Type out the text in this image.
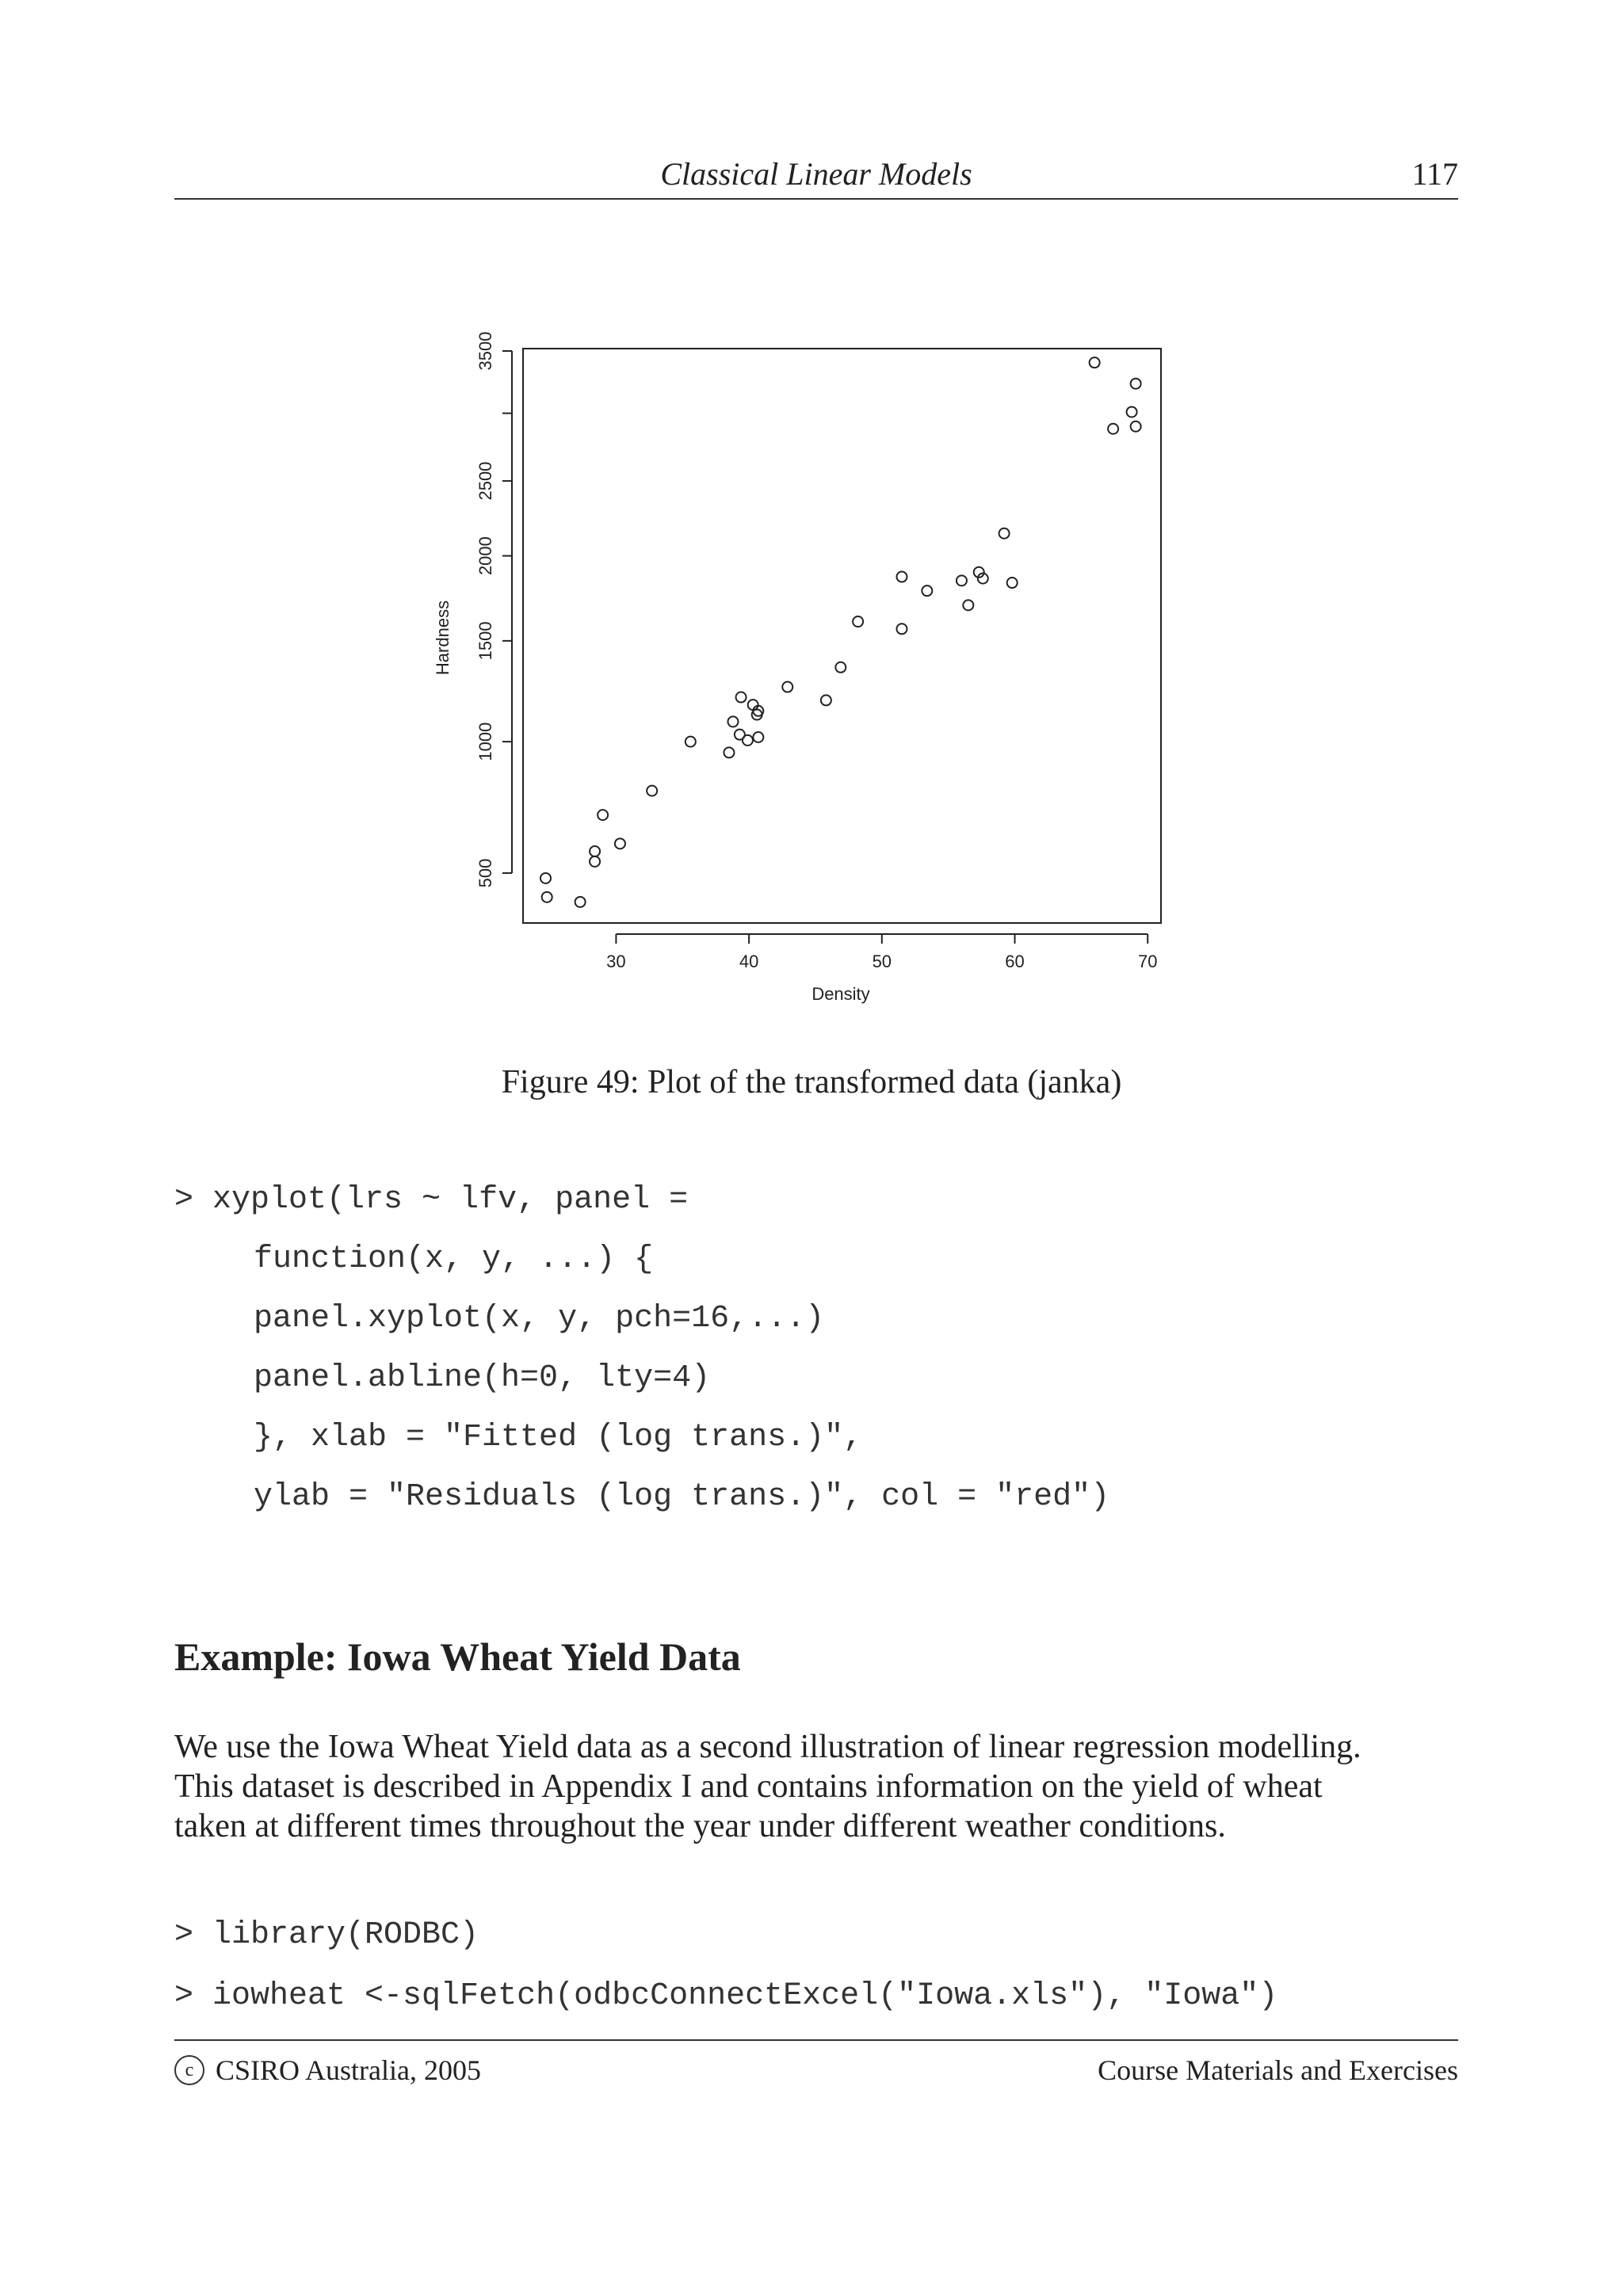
Classical Linear Models	117
30	40	50	60	70
500
1000
1500
2000
2500
3500
Density
Hardness
Figure 49: Plot of the transformed data (janka)
> xyplot(lrs ~ lfv, panel =
function(x, y, ...) {
panel.xyplot(x, y, pch=16,...)
panel.abline(h=0, lty=4)
}, xlab = "Fitted (log trans.)",
ylab = "Residuals (log trans.)", col = "red")
Example: Iowa Wheat Yield Data
We use the Iowa Wheat Yield data as a second illustration of linear regression modelling.
This dataset is described in Appendix I and contains information on the yield of wheat
taken at different times throughout the year under different weather conditions.
> library(RODBC)
> iowheat <-sqlFetch(odbcConnectExcel("Iowa.xls"), "Iowa")
c CSIRO Australia, 2005	Course Materials and Exercises
